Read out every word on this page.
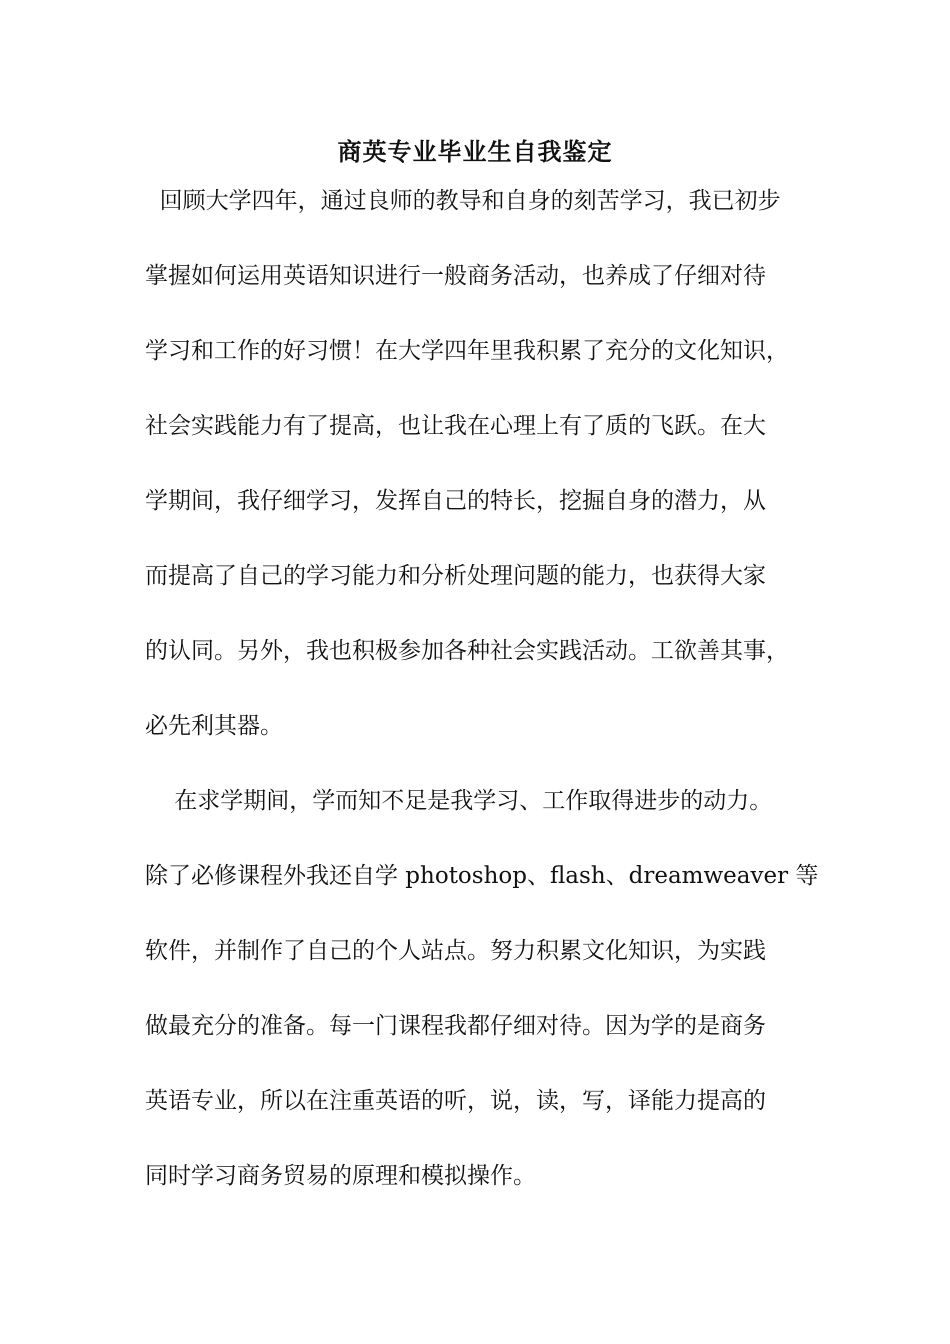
商英专业毕业生自我鉴定
回顾大学四年，通过良师的教导和自身的刻苦学习，我已初步
掌握如何运用英语知识进行一般商务活动，也养成了仔细对待
学习和工作的好习惯！在大学四年里我积累了充分的文化知识，
社会实践能力有了提高，也让我在心理上有了质的飞跃。在大
学期间，我仔细学习，发挥自己的特长，挖掘自身的潜力，从
而提高了自己的学习能力和分析处理问题的能力，也获得大家
的认同。另外，我也积极参加各种社会实践活动。工欲善其事，
必先利其器。
在求学期间，学而知不足是我学习、工作取得进步的动力。
除了必修课程外我还自学 photoshop、flash、dreamweaver 等
软件，并制作了自己的个人站点。努力积累文化知识，为实践
做最充分的准备。每一门课程我都仔细对待。因为学的是商务
英语专业，所以在注重英语的听，说，读，写，译能力提高的
同时学习商务贸易的原理和模拟操作。
